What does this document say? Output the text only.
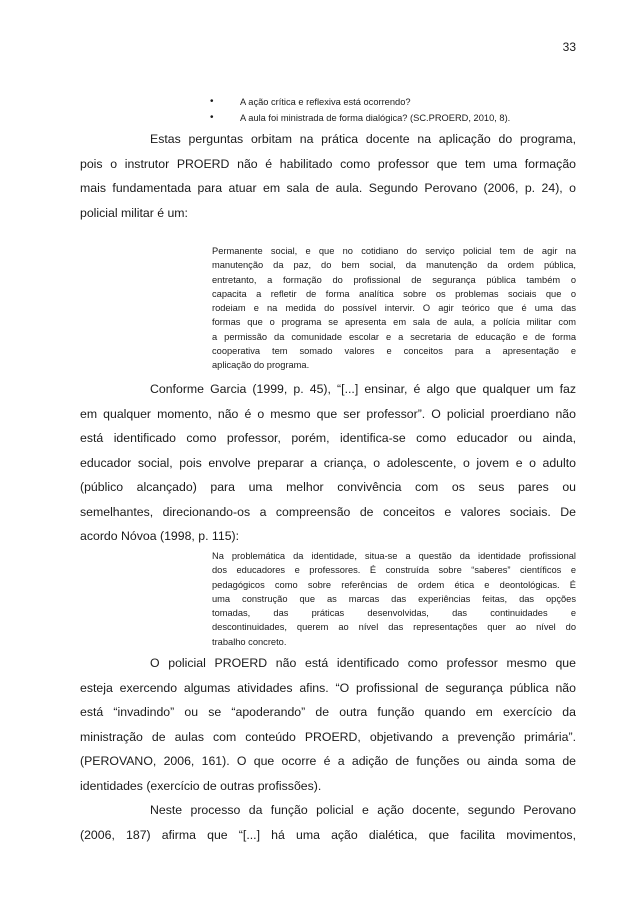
33
•	A ação crítica e reflexiva está ocorrendo?
•	A aula foi ministrada de forma dialógica? (SC.PROERD, 2010, 8).

Estas perguntas orbitam na prática docente na aplicação do programa,
pois o instrutor PROERD não é habilitado como professor que tem uma formação
mais fundamentada para atuar em sala de aula. Segundo Perovano (2006, p. 24), o
policial militar é um:

Permanente social, e que no cotidiano do serviço policial tem de agir na
manutenção da paz, do bem social, da manutenção da ordem pública,
entretanto, a formação do profissional de segurança pública também o
capacita a refletir de forma analítica sobre os problemas sociais que o
rodeiam e na medida do possível intervir. O agir teórico que é uma das
formas que o programa se apresenta em sala de aula, a polícia militar com
a permissão da comunidade escolar e a secretaria de educação e de forma
cooperativa tem somado valores e conceitos para a apresentação e
aplicação do programa.

Conforme Garcia (1999, p. 45), “[...] ensinar, é algo que qualquer um faz
em qualquer momento, não é o mesmo que ser professor”. O policial proerdiano não
está identificado como professor, porém, identifica-se como educador ou ainda,
educador social, pois envolve preparar a criança, o adolescente, o jovem e o adulto
(público alcançado) para uma melhor convivência com os seus pares ou
semelhantes, direcionando-os a compreensão de conceitos e valores sociais. De
acordo Nóvoa (1998, p. 115):

Na problemática da identidade, situa-se a questão da identidade profissional
dos educadores e professores. É construída sobre “saberes” científicos e
pedagógicos como sobre referências de ordem ética e deontológicas. É
uma construção que as marcas das experiências feitas, das opções
tomadas, das práticas desenvolvidas, das continuidades e
descontinuidades, querem ao nível das representações quer ao nível do
trabalho concreto.

O policial PROERD não está identificado como professor mesmo que
esteja exercendo algumas atividades afins. “O profissional de segurança pública não
está “invadindo” ou se “apoderando” de outra função quando em exercício da
ministração de aulas com conteúdo PROERD, objetivando a prevenção primária”.
(PEROVANO, 2006, 161). O que ocorre é a adição de funções ou ainda soma de
identidades (exercício de outras profissões).

Neste processo da função policial e ação docente, segundo Perovano
(2006, 187) afirma que “[...] há uma ação dialética, que facilita movimentos,
